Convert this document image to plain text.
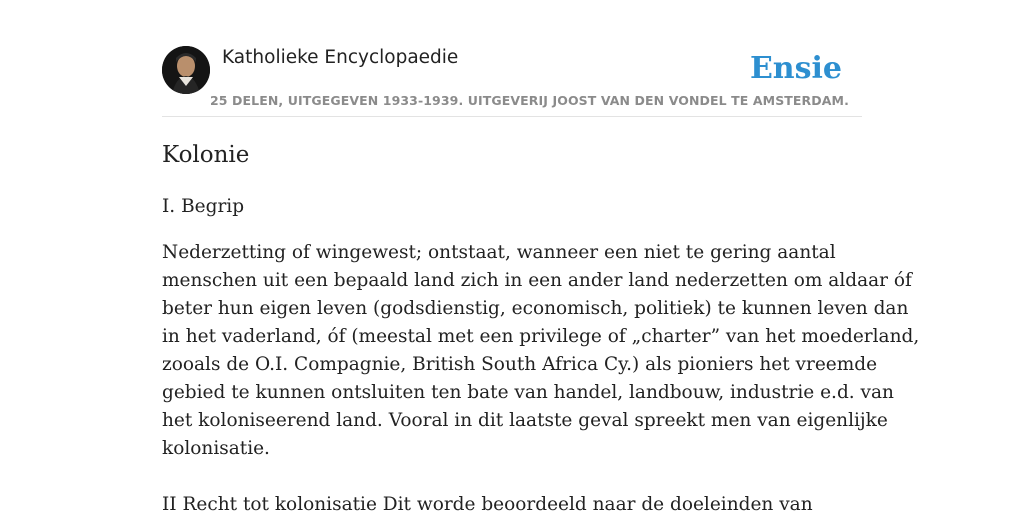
Katholieke Encyclopaedie
25 DELEN, UITGEGEVEN 1933-1939. UITGEVERIJ JOOST VAN DEN VONDEL TE AMSTERDAM.
Ensie
Kolonie
I. Begrip
Nederzetting of wingewest; ontstaat, wanneer een niet te gering aantal
menschen uit een bepaald land zich in een ander land nederzetten om aldaar óf
beter hun eigen leven (godsdienstig, economisch, politiek) te kunnen leven dan
in het vaderland, óf (meestal met een privilege of „charter” van het moederland,
zooals de O.I. Compagnie, British South Africa Cy.) als pioniers het vreemde
gebied te kunnen ontsluiten ten bate van handel, landbouw, industrie e.d. van
het koloniseerend land. Vooral in dit laatste geval spreekt men van eigenlijke
kolonisatie.
II Recht tot kolonisatie Dit worde beoordeeld naar de doeleinden van
